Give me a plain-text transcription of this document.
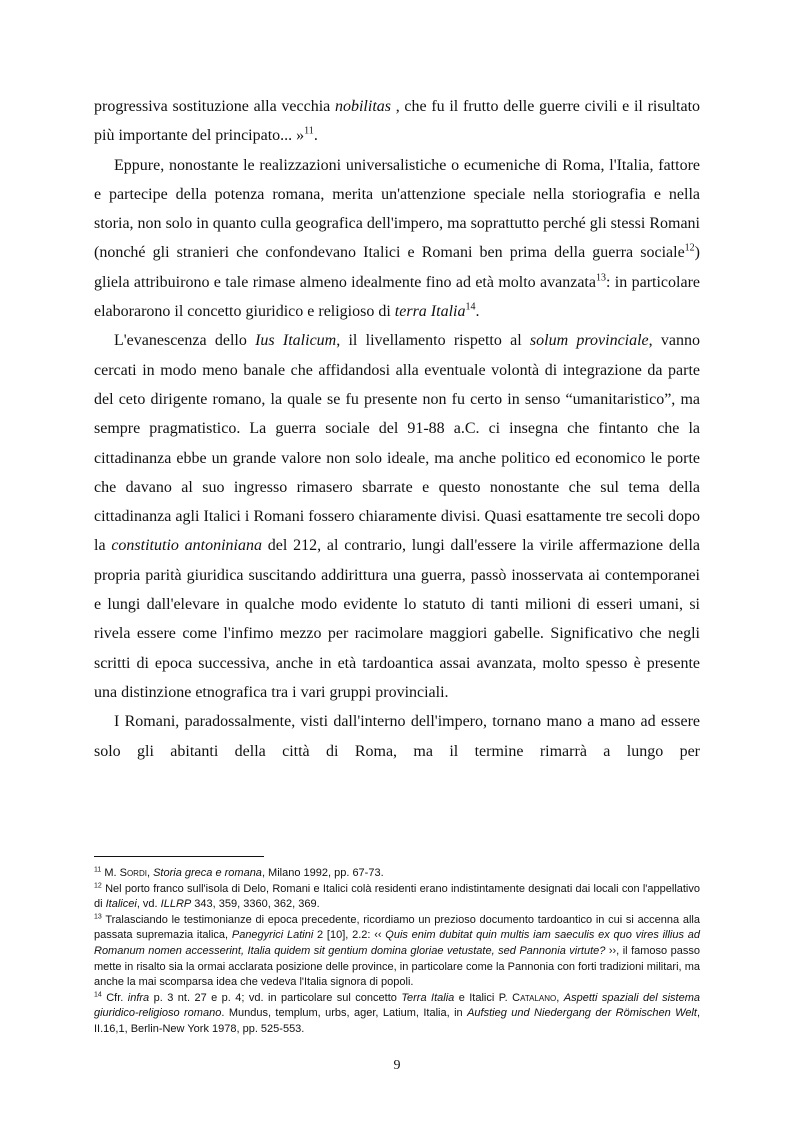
progressiva sostituzione alla vecchia nobilitas , che fu il frutto delle guerre civili e il risultato più importante del principato... »$^{11}$.

Eppure, nonostante le realizzazioni universalistiche o ecumeniche di Roma, l'Italia, fattore e partecipe della potenza romana, merita un'attenzione speciale nella storiografia e nella storia, non solo in quanto culla geografica dell'impero, ma soprattutto perché gli stessi Romani (nonché gli stranieri che confondevano Italici e Romani ben prima della guerra sociale$^{12}$) gliela attribuirono e tale rimase almeno idealmente fino ad età molto avanzata$^{13}$: in particolare elaborarono il concetto giuridico e religioso di terra Italia$^{14}$.

L'evanescenza dello Ius Italicum, il livellamento rispetto al solum provinciale, vanno cercati in modo meno banale che affidandosi alla eventuale volontà di integrazione da parte del ceto dirigente romano, la quale se fu presente non fu certo in senso “umanitaristico”, ma sempre pragmatistico. La guerra sociale del 91-88 a.C. ci insegna che fintanto che la cittadinanza ebbe un grande valore non solo ideale, ma anche politico ed economico le porte che davano al suo ingresso rimasero sbarrate e questo nonostante che sul tema della cittadinanza agli Italici i Romani fossero chiaramente divisi. Quasi esattamente tre secoli dopo la constitutio antoniniana del 212, al contrario, lungi dall'essere la virile affermazione della propria parità giuridica suscitando addirittura una guerra, passò inosservata ai contemporanei e lungi dall'elevare in qualche modo evidente lo statuto di tanti milioni di esseri umani, si rivela essere come l'infimo mezzo per racimolare maggiori gabelle. Significativo che negli scritti di epoca successiva, anche in età tardoantica assai avanzata, molto spesso è presente una distinzione etnografica tra i vari gruppi provinciali.

I Romani, paradossalmente, visti dall'interno dell'impero, tornano mano a mano ad essere solo gli abitanti della città di Roma, ma il termine rimarrà a lungo per

$^{11}$ M. Sordi, Storia greca e romana, Milano 1992, pp. 67-73.

$^{12}$ Nel porto franco sull'isola di Delo, Romani e Italici colà residenti erano indistintamente designati dai locali con l'appellativo di Italicei, vd. ILLRP 343, 359, 3360, 362, 369.

$^{13}$ Tralasciando le testimonianze di epoca precedente, ricordiamo un prezioso documento tardoantico in cui si accenna alla passata supremazia italica, Panegyrici Latini 2 [10], 2.2: ‹‹ Quis enim dubitat quin multis iam saeculis ex quo vires illius ad Romanum nomen accesserint, Italia quidem sit gentium domina gloriae vetustate, sed Pannonia virtute? ››, il famoso passo mette in risalto sia la ormai acclarata posizione delle province, in particolare come la Pannonia con forti tradizioni militari, ma anche la mai scomparsa idea che vedeva l'Italia signora di popoli.

$^{14}$ Cfr. infra p. 3 nt. 27 e p. 4; vd. in particolare sul concetto Terra Italia e Italici P. Catalano, Aspetti spaziali del sistema giuridico-religioso romano. Mundus, templum, urbs, ager, Latium, Italia, in Aufstieg und Niedergang der Römischen Welt, II.16,1, Berlin-New York 1978, pp. 525-553.

9
